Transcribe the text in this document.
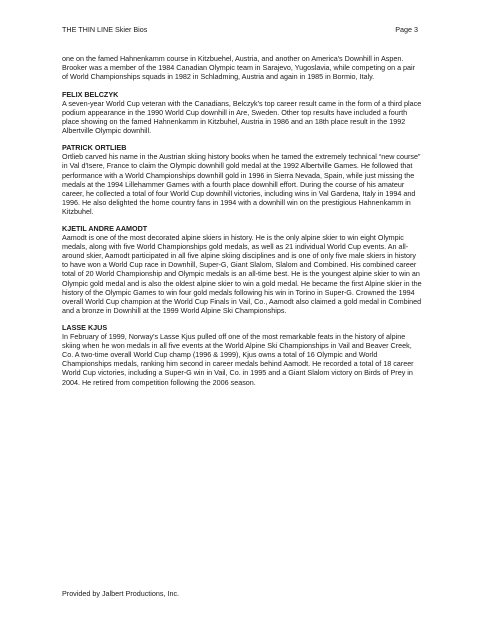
THE THIN LINE Skier Bios	Page 3

one on the famed Hahnenkamm course in Kitzbuehel, Austria, and another on America's Downhill in Aspen. Brooker was a member of the 1984 Canadian Olympic team in Sarajevo, Yugoslavia, while competing on a pair of World Championships squads in 1982 in Schladming, Austria and again in 1985 in Bormio, Italy.

FELIX BELCZYK

A seven-year World Cup veteran with the Canadians, Belczyk's top career result came in the form of a third place podium appearance in the 1990 World Cup downhill in Are, Sweden. Other top results have included a fourth place showing on the famed Hahnenkamm in Kitzbuhel, Austria in 1986 and an 18th place result in the 1992 Albertville Olympic downhill.

PATRICK ORTLIEB

Ortlieb carved his name in the Austrian skiing history books when he tamed the extremely technical “new course” in Val d'Isere, France to claim the Olympic downhill gold medal at the 1992 Albertville Games. He followed that performance with a World Championships downhill gold in 1996 in Sierra Nevada, Spain, while just missing the medals at the 1994 Lillehammer Games with a fourth place downhill effort. During the course of his amateur career, he collected a total of four World Cup downhill victories, including wins in Val Gardena, Italy in 1994 and 1996. He also delighted the home country fans in 1994 with a downhill win on the prestigious Hahnenkamm in Kitzbuhel.

KJETIL ANDRE AAMODT

Aamodt is one of the most decorated alpine skiers in history. He is the only alpine skier to win eight Olympic medals, along with five World Championships gold medals, as well as 21 individual World Cup events. An all-around skier, Aamodt participated in all five alpine skiing disciplines and is one of only five male skiers in history to have won a World Cup race in Downhill, Super-G, Giant Slalom, Slalom and Combined. His combined career total of 20 World Championship and Olympic medals is an all-time best. He is the youngest alpine skier to win an Olympic gold medal and is also the oldest alpine skier to win a gold medal. He became the first Alpine skier in the history of the Olympic Games to win four gold medals following his win in Torino in Super-G. Crowned the 1994 overall World Cup champion at the World Cup Finals in Vail, Co., Aamodt also claimed a gold medal in Combined and a bronze in Downhill at the 1999 World Alpine Ski Championships.

LASSE KJUS

In February of 1999, Norway's Lasse Kjus pulled off one of the most remarkable feats in the history of alpine skiing when he won medals in all five events at the World Alpine Ski Championships in Vail and Beaver Creek, Co. A two-time overall World Cup champ (1996 & 1999), Kjus owns a total of 16 Olympic and World Championships medals, ranking him second in career medals behind Aamodt. He recorded a total of 18 career World Cup victories, including a Super-G win in Vail, Co. in 1995 and a Giant Slalom victory on Birds of Prey in 2004. He retired from competition following the 2006 season.

Provided by Jalbert Productions, Inc.
